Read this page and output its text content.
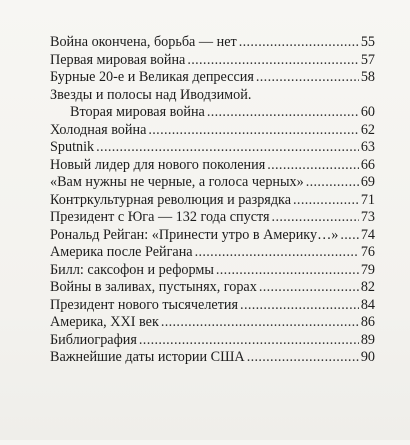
Война окончена, борьба — нет . . .	55
Первая мировая война . . .	57
Бурные 20-е и Великая депрессия . . .	58
Звезды и полосы над Иводзимой.
Вторая мировая война . . .	60
Холодная война . . .	62
Sputnik . . .	63
Новый лидер для нового поколения . . .	66
«Вам нужны не черные, а голоса черных» . . .	69
Контркультурная революция и разрядка . . .	71
Президент с Юга — 132 года спустя . . .	73
Рональд Рейган: «Принести утро в Америку…» . . . 74
Америка после Рейгана . . .	76
Билл: саксофон и реформы . . .	79
Войны в заливах, пустынях, горах . . .	82
Президент нового тысячелетия . . .	84
Америка, XXI век . . .	86
Библиография . . .	89
Важнейшие даты истории США . . .	90
